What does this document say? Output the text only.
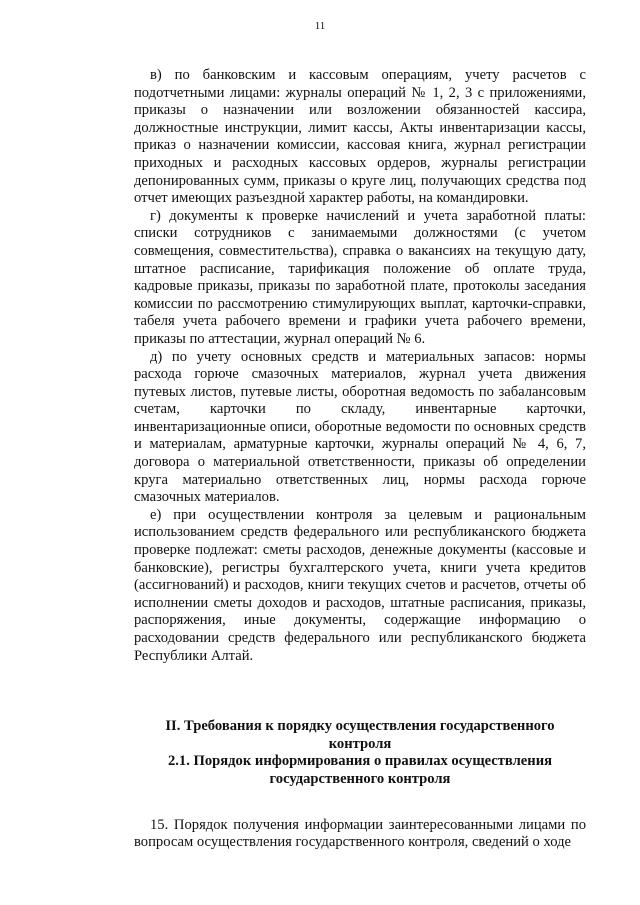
11

в) по банковским и кассовым операциям, учету расчетов с подотчетными лицами: журналы операций № 1, 2, 3 с приложениями, приказы о назначении или возложении обязанностей кассира, должностные инструкции, лимит кассы, Акты инвентаризации кассы, приказ о назначении комиссии, кассовая книга, журнал регистрации приходных и расходных кассовых ордеров, журналы регистрации депонированных сумм, приказы о круге лиц, получающих средства под отчет имеющих разъездной характер работы, на командировки.

г) документы к проверке начислений и учета заработной платы: списки сотрудников с занимаемыми должностями (с учетом совмещения, совместительства), справка о вакансиях на текущую дату, штатное расписание, тарификация положение об оплате труда, кадровые приказы, приказы по заработной плате, протоколы заседания комиссии по рассмотрению стимулирующих выплат, карточки-справки, табеля учета рабочего времени и графики учета рабочего времени, приказы по аттестации, журнал операций № 6.

д) по учету основных средств и материальных запасов: нормы расхода горюче смазочных материалов, журнал учета движения путевых листов, путевые листы, оборотная ведомость по забалансовым счетам, карточки по складу, инвентарные карточки, инвентаризационные описи, оборотные ведомости по основных средств и материалам, арматурные карточки, журналы операций № 4, 6, 7, договора о материальной ответственности, приказы об определении круга материально ответственных лиц, нормы расхода горюче смазочных материалов.

е) при осуществлении контроля за целевым и рациональным использованием средств федерального или республиканского бюджета проверке подлежат: сметы расходов, денежные документы (кассовые и банковские), регистры бухгалтерского учета, книги учета кредитов (ассигнований) и расходов, книги текущих счетов и расчетов, отчеты об исполнении сметы доходов и расходов, штатные расписания, приказы, распоряжения, иные документы, содержащие информацию о расходовании средств федерального или республиканского бюджета Республики Алтай.

II. Требования к порядку осуществления государственного контроля

2.1. Порядок информирования о правилах осуществления государственного контроля

15. Порядок получения информации заинтересованными лицами по вопросам осуществления государственного контроля, сведений о ходе
